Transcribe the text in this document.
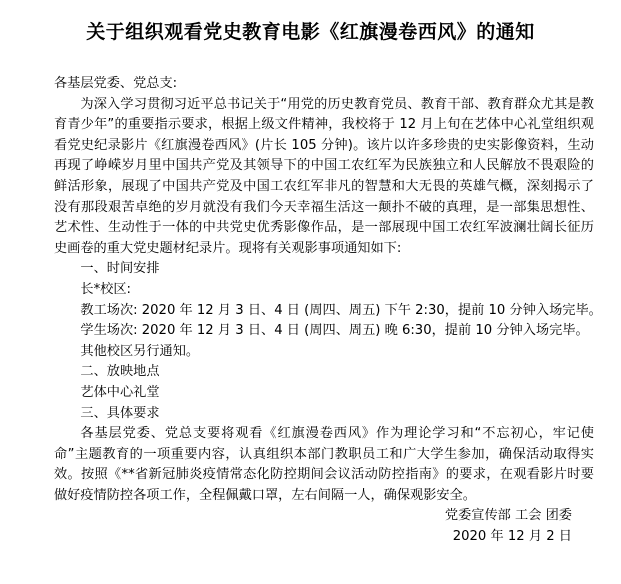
关于组织观看党史教育电影《红旗漫卷西风》的通知

各基层党委、党总支:

为深入学习贯彻习近平总书记关于“用党的历史教育党员、教育干部、教育群众尤其是教育青少年”的重要指示要求，根据上级文件精神，我校将于 12 月上旬在艺体中心礼堂组织观看党史纪录影片《红旗漫卷西风》(片长 105 分钟)。该片以许多珍贵的史实影像资料，生动再现了峥嵘岁月里中国共产党及其领导下的中国工农红军为民族独立和人民解放不畏艰险的鲜活形象，展现了中国共产党及中国工农红军非凡的智慧和大无畏的英雄气概，深刻揭示了没有那段艰苦卓绝的岁月就没有我们今天幸福生活这一颠扑不破的真理，是一部集思想性、艺术性、生动性于一体的中共党史优秀影像作品，是一部展现中国工农红军波澜壮阔长征历史画卷的重大党史题材纪录片。现将有关观影事项通知如下:

一、时间安排

长*校区:

教工场次: 2020 年 12 月 3 日、4 日 (周四、周五) 下午 2:30，提前 10 分钟入场完毕。

学生场次: 2020 年 12 月 3 日、4 日 (周四、周五) 晚 6:30，提前 10 分钟入场完毕。

其他校区另行通知。

二、放映地点

艺体中心礼堂

三、具体要求

各基层党委、党总支要将观看《红旗漫卷西风》作为理论学习和“不忘初心，牢记使命”主题教育的一项重要内容，认真组织本部门教职员工和广大学生参加，确保活动取得实效。按照《**省新冠肺炎疫情常态化防控期间会议活动防控指南》的要求，在观看影片时要做好疫情防控各项工作，全程佩戴口罩，左右间隔一人，确保观影安全。

党委宣传部 工会 团委

2020 年 12 月 2 日
